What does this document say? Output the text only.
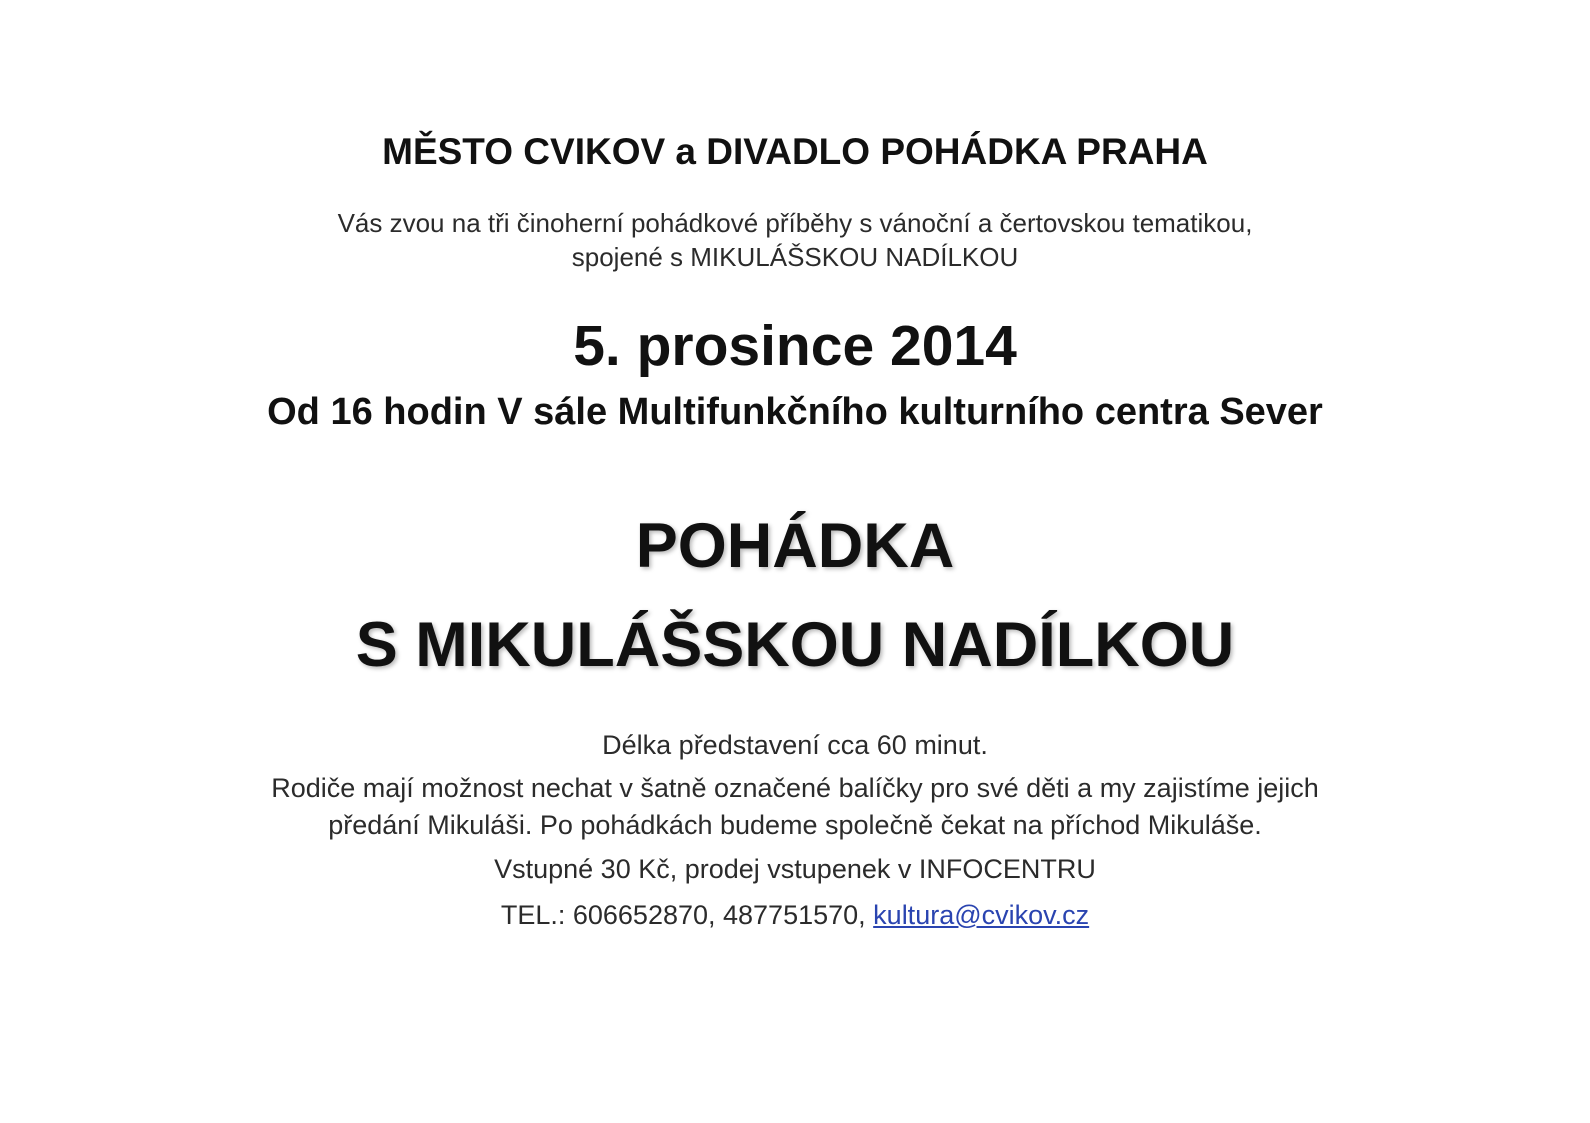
MĚSTO CVIKOV a DIVADLO POHÁDKA PRAHA
Vás zvou na tři činoherní pohádkové příběhy s vánoční a čertovskou tematikou,
spojené s MIKULÁŠSKOU NADÍLKOU
5. prosince 2014
Od 16 hodin V sále Multifunkčního kulturního centra Sever
POHÁDKA
S MIKULÁŠSKOU NADÍLKOU
Délka představení cca 60 minut.
Rodiče mají možnost nechat v šatně označené balíčky pro své děti a my zajistíme jejich
předání Mikuláši. Po pohádkách budeme společně čekat na příchod Mikuláše.
Vstupné 30 Kč, prodej vstupenek v INFOCENTRU
TEL.: 606652870, 487751570, kultura@cvikov.cz
